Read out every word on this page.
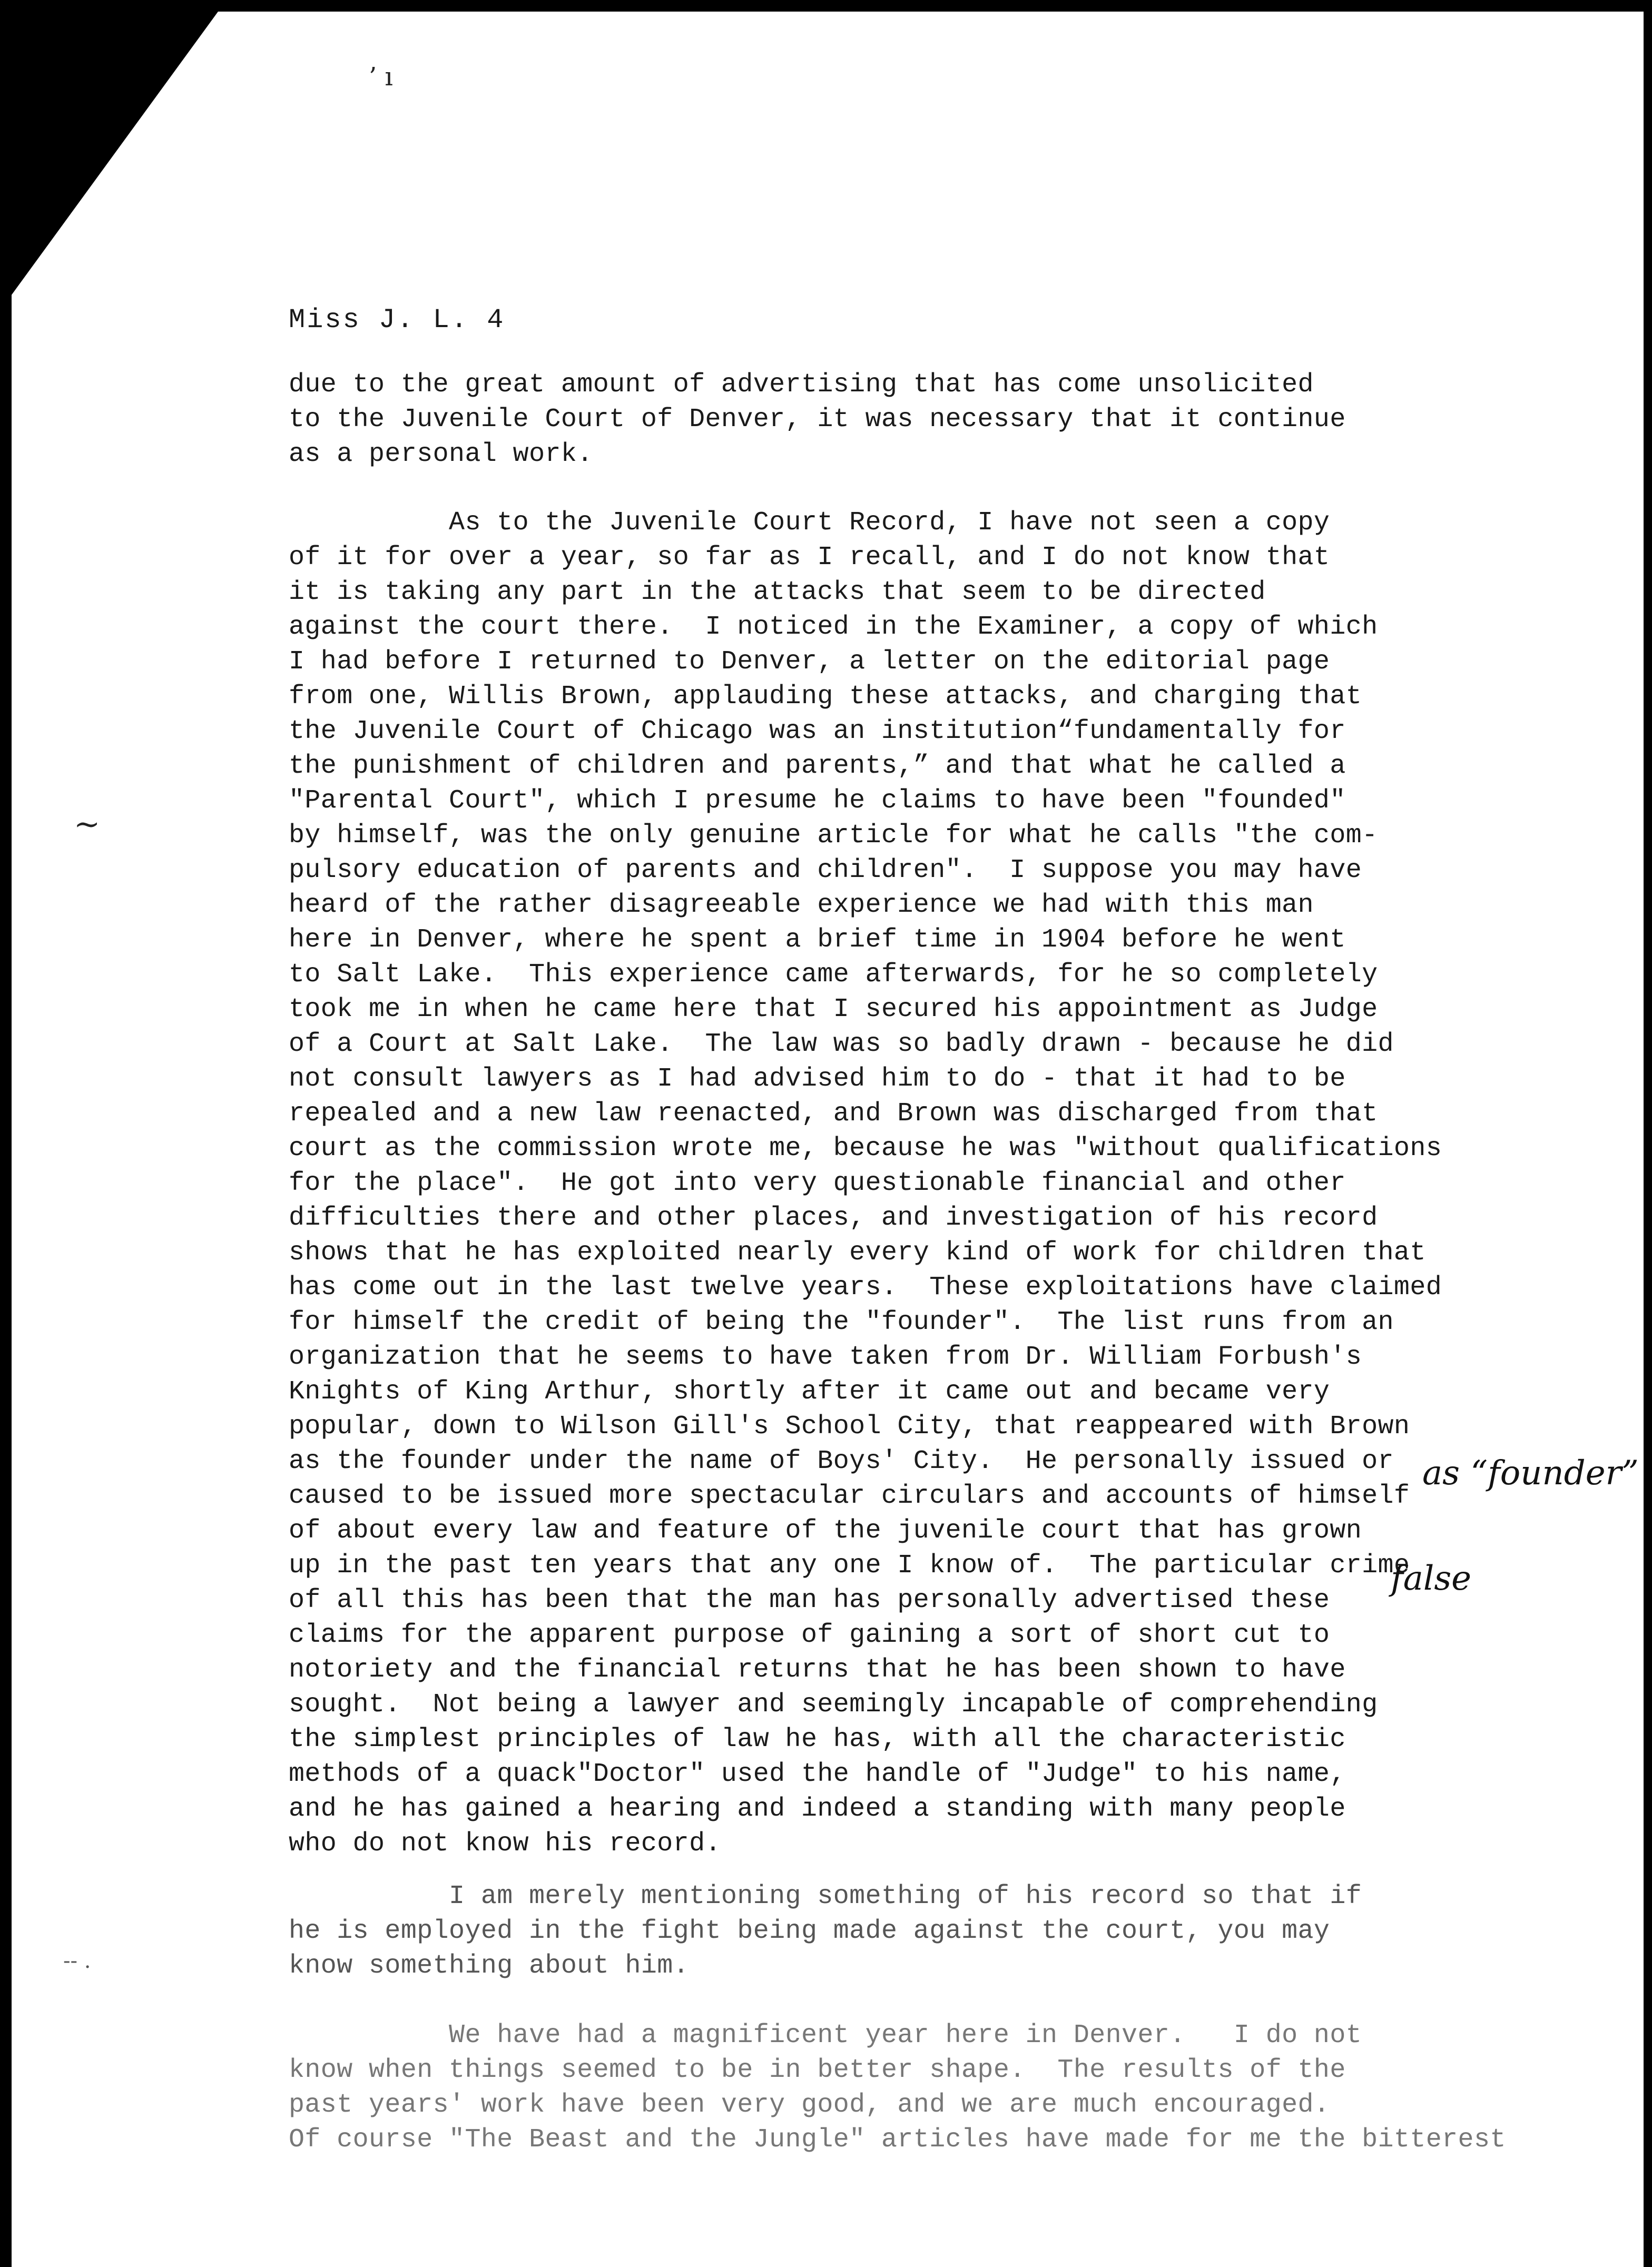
’ ı
Miss J. L. 4
due to the great amount of advertising that has come unsolicited
to the Juvenile Court of Denver, it was necessary that it continue
as a personal work.
As to the Juvenile Court Record, I have not seen a copy
of it for over a year, so far as I recall, and I do not know that
it is taking any part in the attacks that seem to be directed
against the court there.  I noticed in the Examiner, a copy of which
I had before I returned to Denver, a letter on the editorial page
from one, Willis Brown, applauding these attacks, and charging that
the Juvenile Court of Chicago was an institution“fundamentally for
the punishment of children and parents,” and that what he called a
"Parental Court", which I presume he claims to have been "founded"
by himself, was the only genuine article for what he calls "the com-
pulsory education of parents and children".  I suppose you may have
heard of the rather disagreeable experience we had with this man
here in Denver, where he spent a brief time in 1904 before he went
to Salt Lake.  This experience came afterwards, for he so completely
took me in when he came here that I secured his appointment as Judge
of a Court at Salt Lake.  The law was so badly drawn - because he did
not consult lawyers as I had advised him to do - that it had to be
repealed and a new law reenacted, and Brown was discharged from that
court as the commission wrote me, because he was "without qualifications
for the place".  He got into very questionable financial and other
difficulties there and other places, and investigation of his record
shows that he has exploited nearly every kind of work for children that
has come out in the last twelve years.  These exploitations have claimed
for himself the credit of being the "founder".  The list runs from an
organization that he seems to have taken from Dr. William Forbush's
Knights of King Arthur, shortly after it came out and became very
popular, down to Wilson Gill's School City, that reappeared with Brown
as the founder under the name of Boys' City.  He personally issued or
caused to be issued more spectacular circulars and accounts of himself
of about every law and feature of the juvenile court that has grown
up in the past ten years that any one I know of.  The particular crime
of all this has been that the man has personally advertised these
claims for the apparent purpose of gaining a sort of short cut to
notoriety and the financial returns that he has been shown to have
sought.  Not being a lawyer and seemingly incapable of comprehending
the simplest principles of law he has, with all the characteristic
methods of a quack"Doctor" used the handle of "Judge" to his name,
and he has gained a hearing and indeed a standing with many people
who do not know his record.
I am merely mentioning something of his record so that if
he is employed in the fight being made against the court, you may
know something about him.
We have had a magnificent year here in Denver.   I do not
know when things seemed to be in better shape.  The results of the
past years' work have been very good, and we are much encouraged.
Of course "The Beast and the Jungle" articles have made for me the bitterest
as “founder”
false
~
-- .
